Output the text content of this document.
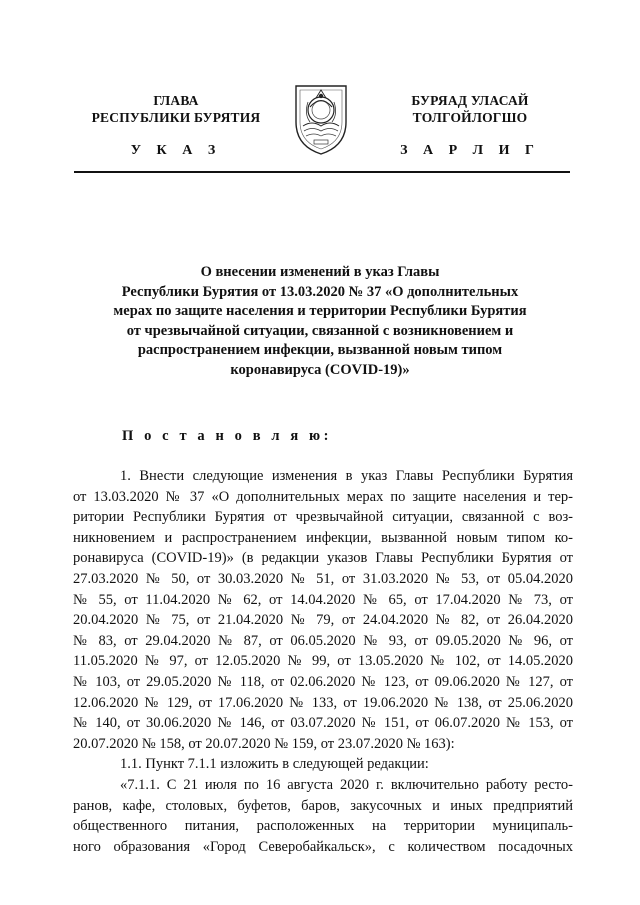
ГЛАВА
РЕСПУБЛИКИ БУРЯТИЯ
БУРЯАД УЛАСАЙ
ТОЛГОЙЛОГШО
У К А З	З А Р Л И Г
О внесении изменений в указ Главы
Республики Бурятия от 13.03.2020 № 37 «О дополнительных
мерах по защите населения и территории Республики Бурятия
от чрезвычайной ситуации, связанной с возникновением и
распространением инфекции, вызванной новым типом
коронавируса (COVID-19)»
П о с т а н о в л я ю:
1. Внести следующие изменения в указ Главы Республики Бурятия
от 13.03.2020 № 37 «О дополнительных мерах по защите населения и тер-
ритории Республики Бурятия от чрезвычайной ситуации, связанной с воз-
никновением и распространением инфекции, вызванной новым типом ко-
ронавируса (COVID-19)» (в редакции указов Главы Республики Бурятия от
27.03.2020 № 50, от 30.03.2020 № 51, от 31.03.2020 № 53, от 05.04.2020
№ 55, от 11.04.2020 № 62, от 14.04.2020 № 65, от 17.04.2020 № 73, от
20.04.2020 № 75, от 21.04.2020 № 79, от 24.04.2020 № 82, от 26.04.2020
№ 83, от 29.04.2020 № 87, от 06.05.2020 № 93, от 09.05.2020 № 96, от
11.05.2020 № 97, от 12.05.2020 № 99, от 13.05.2020 № 102, от 14.05.2020
№ 103, от 29.05.2020 № 118, от 02.06.2020 № 123, от 09.06.2020 № 127, от
12.06.2020 № 129, от 17.06.2020 № 133, от 19.06.2020 № 138, от 25.06.2020
№ 140, от 30.06.2020 № 146, от 03.07.2020 № 151, от 06.07.2020 № 153, от
20.07.2020 № 158, от 20.07.2020 № 159, от 23.07.2020 № 163):
1.1. Пункт 7.1.1 изложить в следующей редакции:
«7.1.1. С 21 июля по 16 августа 2020 г. включительно работу ресто-
ранов, кафе, столовых, буфетов, баров, закусочных и иных предприятий
общественного питания, расположенных на территории муниципаль-
ного образования «Город Северобайкальск», с количеством посадочных
